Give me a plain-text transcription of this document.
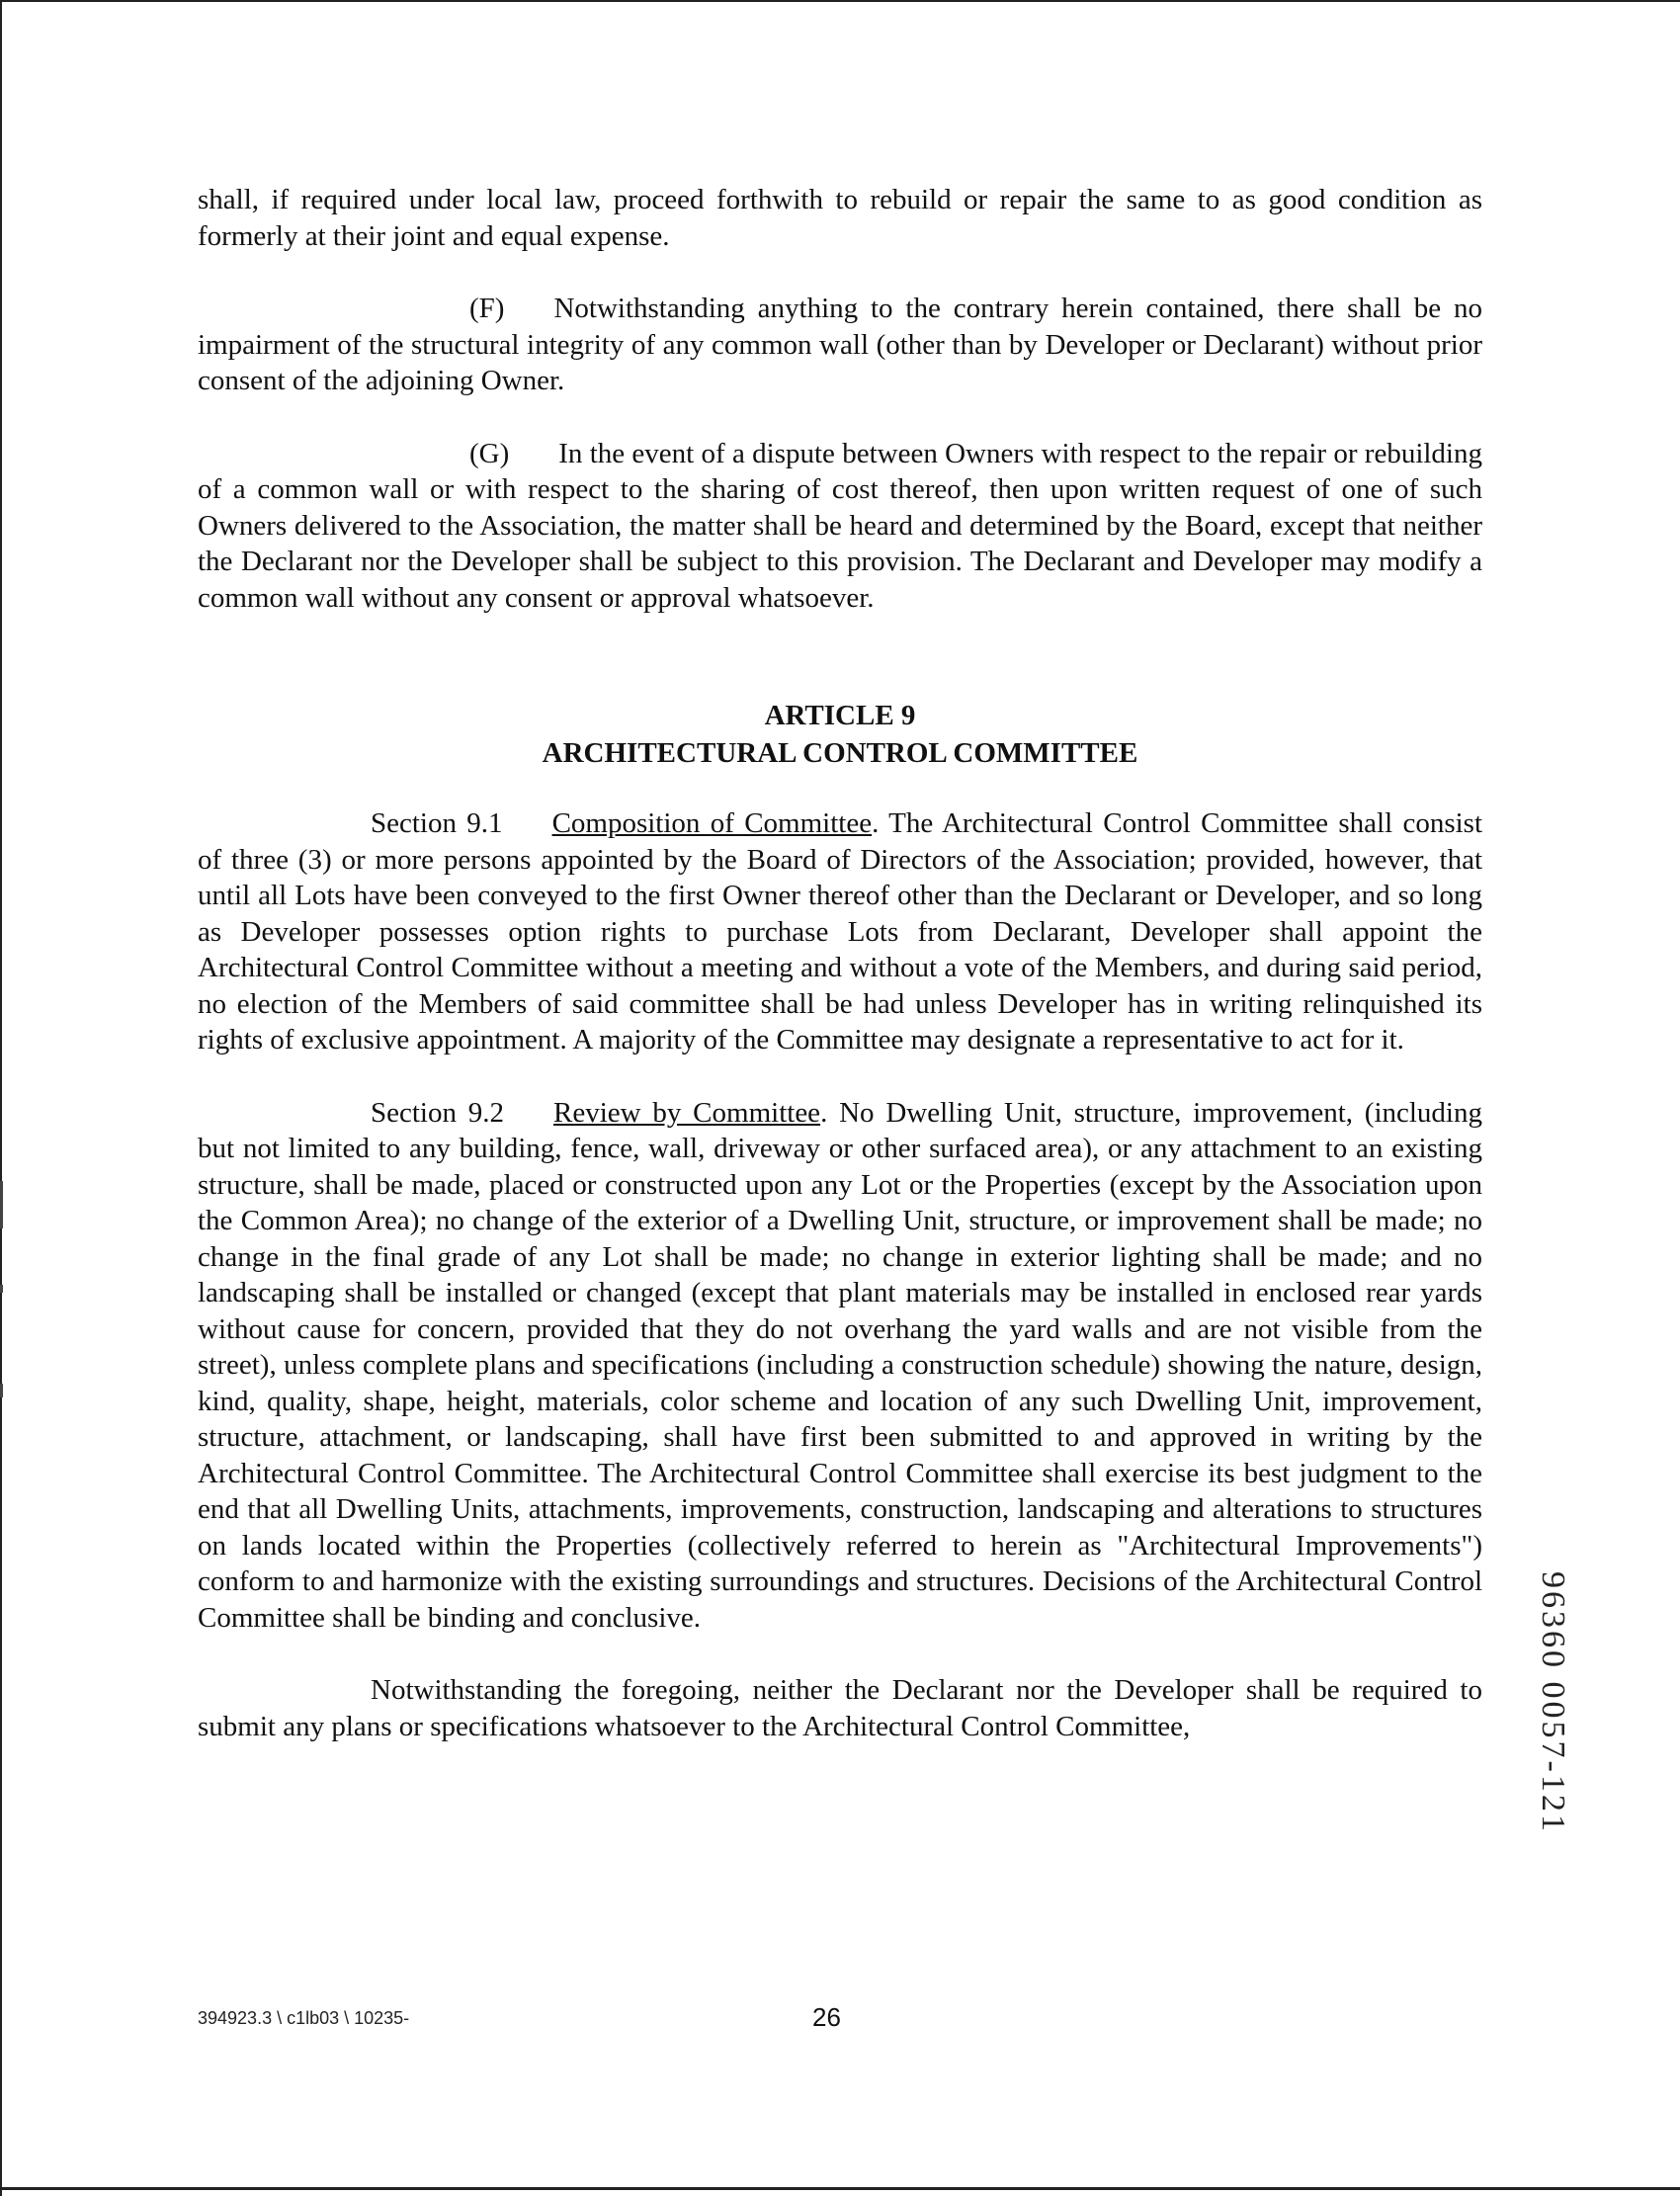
shall, if required under local law, proceed forthwith to rebuild or repair the same to as good condition as formerly at their joint and equal expense.

(F) Notwithstanding anything to the contrary herein contained, there shall be no impairment of the structural integrity of any common wall (other than by Developer or Declarant) without prior consent of the adjoining Owner.

(G) In the event of a dispute between Owners with respect to the repair or rebuilding of a common wall or with respect to the sharing of cost thereof, then upon written request of one of such Owners delivered to the Association, the matter shall be heard and determined by the Board, except that neither the Declarant nor the Developer shall be subject to this provision. The Declarant and Developer may modify a common wall without any consent or approval whatsoever.

ARTICLE 9
ARCHITECTURAL CONTROL COMMITTEE

Section 9.1 Composition of Committee. The Architectural Control Committee shall consist of three (3) or more persons appointed by the Board of Directors of the Association; provided, however, that until all Lots have been conveyed to the first Owner thereof other than the Declarant or Developer, and so long as Developer possesses option rights to purchase Lots from Declarant, Developer shall appoint the Architectural Control Committee without a meeting and without a vote of the Members, and during said period, no election of the Members of said committee shall be had unless Developer has in writing relinquished its rights of exclusive appointment. A majority of the Committee may designate a representative to act for it.

Section 9.2 Review by Committee. No Dwelling Unit, structure, improvement, (including but not limited to any building, fence, wall, driveway or other surfaced area), or any attachment to an existing structure, shall be made, placed or constructed upon any Lot or the Properties (except by the Association upon the Common Area); no change of the exterior of a Dwelling Unit, structure, or improvement shall be made; no change in the final grade of any Lot shall be made; no change in exterior lighting shall be made; and no landscaping shall be installed or changed (except that plant materials may be installed in enclosed rear yards without cause for concern, provided that they do not overhang the yard walls and are not visible from the street), unless complete plans and specifications (including a construction schedule) showing the nature, design, kind, quality, shape, height, materials, color scheme and location of any such Dwelling Unit, improvement, structure, attachment, or landscaping, shall have first been submitted to and approved in writing by the Architectural Control Committee. The Architectural Control Committee shall exercise its best judgment to the end that all Dwelling Units, attachments, improvements, construction, landscaping and alterations to structures on lands located within the Properties (collectively referred to herein as "Architectural Improvements") conform to and harmonize with the existing surroundings and structures. Decisions of the Architectural Control Committee shall be binding and conclusive.

Notwithstanding the foregoing, neither the Declarant nor the Developer shall be required to submit any plans or specifications whatsoever to the Architectural Control Committee,

394923.3 \ c1lb03 \ 10235-	26
96360 0057-121
